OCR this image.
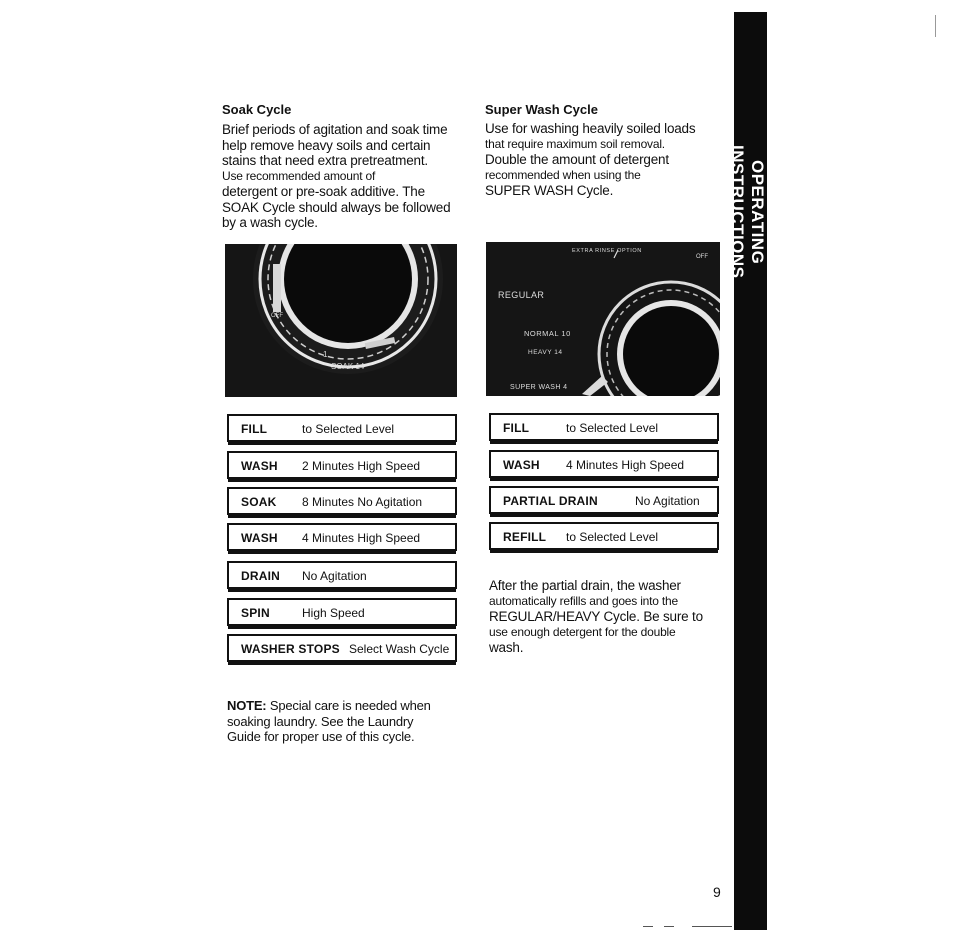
OPERATING INSTRUCTIONS
Soak Cycle
Brief periods of agitation and soak time
help remove heavy soils and certain
stains that need extra pretreatment.
Use recommended amount of
detergent or pre-soak additive. The
SOAK Cycle should always be followed
by a wash cycle.
OFF
1
SOAK 14
FILL	to Selected Level
WASH 2 Minutes High Speed
SOAK 8 Minutes No Agitation
WASH 4 Minutes High Speed
DRAIN No Agitation
SPIN	High Speed
WASHER STOPS Select Wash Cycle
NOTE: Special care is needed when
soaking laundry. See the Laundry
Guide for proper use of this cycle.
Super Wash Cycle
Use for washing heavily soiled loads
that require maximum soil removal.
Double the amount of detergent
recommended when using the
SUPER WASH Cycle.
EXTRA RINSE OPTION
OFF
REGULAR
NORMAL 10
HEAVY 14
SUPER WASH 4
FILL	to Selected Level
WASH 4 Minutes High Speed
PARTIAL DRAIN	No Agitation
REFILL to Selected Level
After the partial drain, the washer
automatically refills and goes into the
REGULAR/HEAVY Cycle. Be sure to
use enough detergent for the double
wash.
9
